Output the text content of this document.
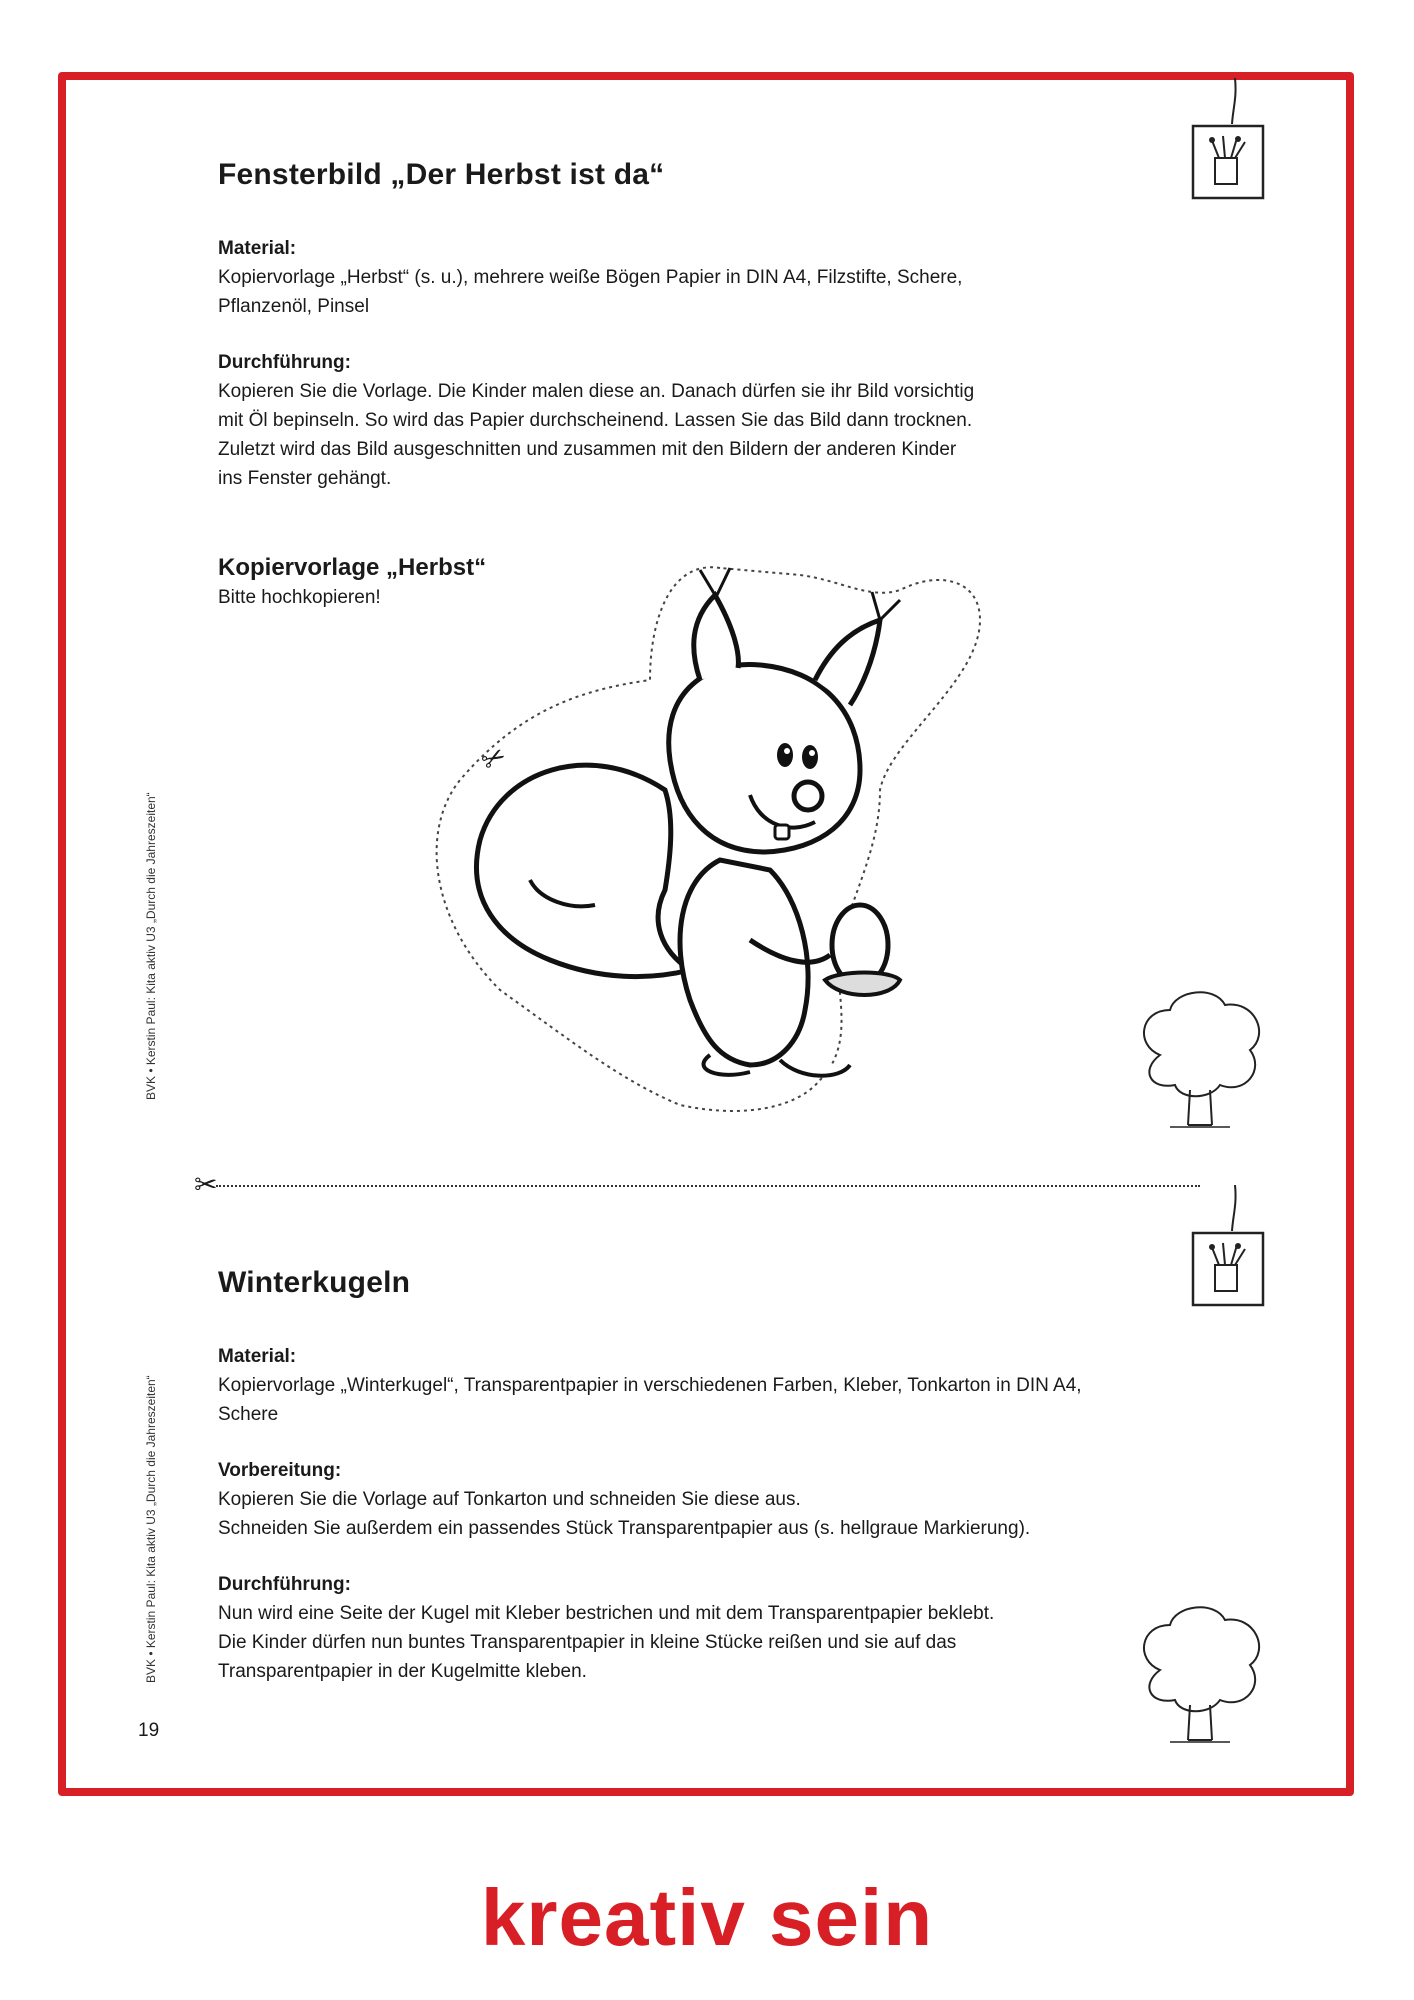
Fensterbild „Der Herbst ist da“

Material:

Kopiervorlage „Herbst“ (s. u.), mehrere weiße Bögen Papier in DIN A4, Filzstifte, Schere,
Pflanzenöl, Pinsel

Durchführung:

Kopieren Sie die Vorlage. Die Kinder malen diese an. Danach dürfen sie ihr Bild vorsichtig
mit Öl bepinseln. So wird das Papier durchscheinend. Lassen Sie das Bild dann trocknen.
Zuletzt wird das Bild ausgeschnitten und zusammen mit den Bildern der anderen Kinder
ins Fenster gehängt.

Kopiervorlage „Herbst“

Bitte hochkopieren!

✂
✂
Winterkugeln

Material:

Kopiervorlage „Winterkugel“, Transparentpapier in verschiedenen Farben, Kleber, Tonkarton in DIN A4,
Schere

Vorbereitung:

Kopieren Sie die Vorlage auf Tonkarton und schneiden Sie diese aus.
Schneiden Sie außerdem ein passendes Stück Transparentpapier aus (s. hellgraue Markierung).

Durchführung:

Nun wird eine Seite der Kugel mit Kleber bestrichen und mit dem Transparentpapier beklebt.
Die Kinder dürfen nun buntes Transparentpapier in kleine Stücke reißen und sie auf das
Transparentpapier in der Kugelmitte kleben.

BVK • Kerstin Paul: Kita aktiv U3 „Durch die Jahreszeiten“
BVK • Kerstin Paul: Kita aktiv U3 „Durch die Jahreszeiten“
19
kreativ sein
